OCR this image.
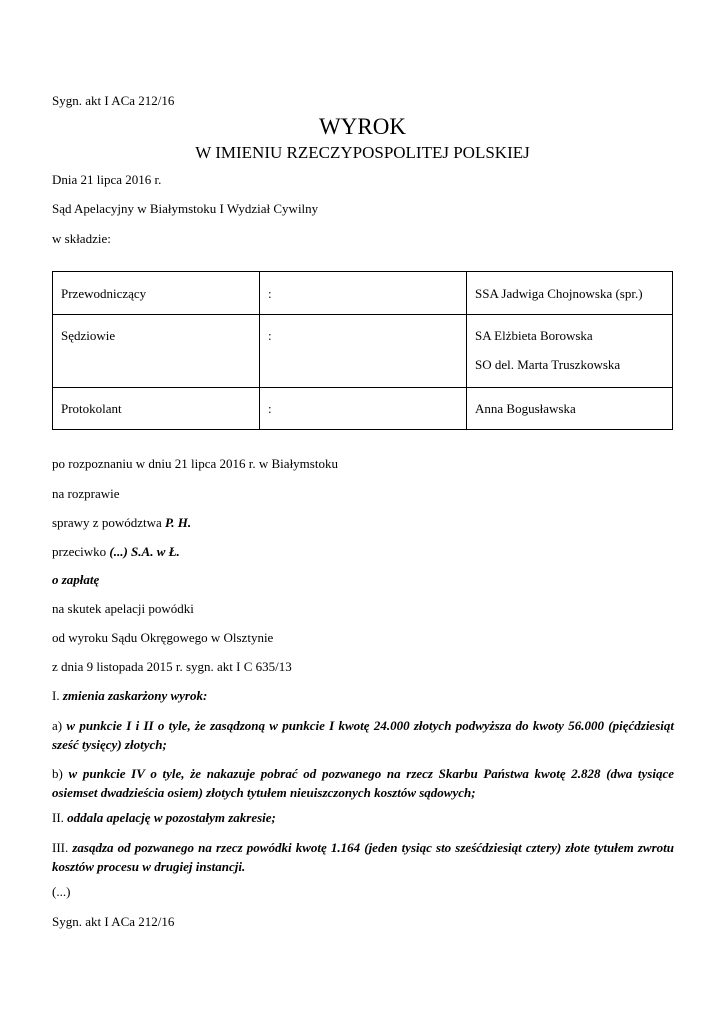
Sygn. akt I ACa 212/16
WYROK
W IMIENIU RZECZYPOSPOLITEJ POLSKIEJ
Dnia 21 lipca 2016 r.
Sąd Apelacyjny w Białymstoku I Wydział Cywilny
w składzie:
Przewodniczący	:	SSA Jadwiga Chojnowska (spr.)

Sędziowie	:	SA Elżbieta Borowska
SO del. Marta Truszkowska

Protokolant	:	Anna Bogusławska
po rozpoznaniu w dniu 21 lipca 2016 r. w Białymstoku
na rozprawie
sprawy z powództwa P. H.
przeciwko (...) S.A. w Ł.
o zapłatę
na skutek apelacji powódki
od wyroku Sądu Okręgowego w Olsztynie
z dnia 9 listopada 2015 r. sygn. akt I C 635/13
I. zmienia zaskarżony wyrok:
a) w punkcie I i II o tyle, że zasądzoną w punkcie I kwotę 24.000 złotych podwyższa do kwoty 56.000 (pięćdziesiąt sześć tysięcy) złotych;
b) w punkcie IV o tyle, że nakazuje pobrać od pozwanego na rzecz Skarbu Państwa kwotę 2.828 (dwa tysiące osiemset dwadzieścia osiem) złotych tytułem nieuiszczonych kosztów sądowych;
II. oddala apelację w pozostałym zakresie;
III. zasądza od pozwanego na rzecz powódki kwotę 1.164 (jeden tysiąc sto sześćdziesiąt cztery) złote tytułem zwrotu kosztów procesu w drugiej instancji.
(...)
Sygn. akt I ACa 212/16
